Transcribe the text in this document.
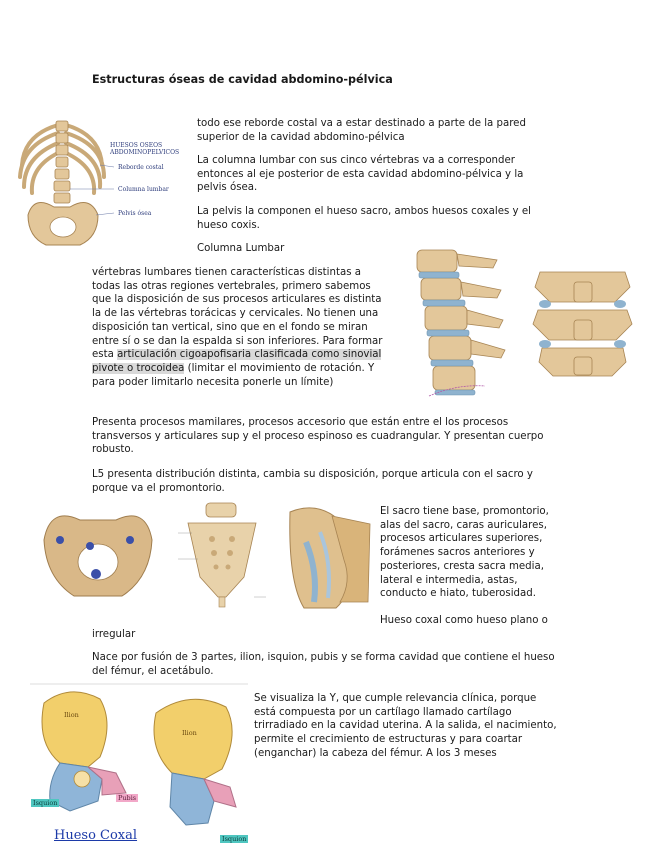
Estructuras óseas de cavidad abdomino-pélvica
HUESOS OSEOS
ABDOMINOPELVICOS
Reborde costal
Columna lumbar
Pelvis ósea
todo ese reborde costal va a estar destinado a parte de la pared superior de la cavidad abdomino-pélvica
La columna lumbar con sus cinco vértebras va a corresponder entonces al eje posterior de esta cavidad abdomino-pélvica y la pelvis ósea.
La pelvis la componen el hueso sacro, ambos huesos coxales y el hueso coxis.
Columna Lumbar
vértebras lumbares tienen características distintas a todas las otras regiones vertebrales, primero sabemos que la disposición de sus procesos articulares es distinta la de las vértebras torácicas y cervicales. No tienen una disposición tan vertical, sino que en el fondo se miran entre sí o se dan la espalda si son inferiores. Para formar esta articulación cigoapofisaria clasificada como sinovial pivote o trocoidea (limitar el movimiento de rotación. Y para poder limitarlo necesita ponerle un límite)
Presenta procesos mamilares, procesos accesorio que están entre el los procesos transversos y articulares sup y el proceso espinoso es cuadrangular. Y presentan cuerpo robusto.
L5 presenta distribución distinta, cambia su disposición, porque articula con el sacro y porque va el promontorio.
El sacro tiene base, promontorio, alas del sacro, caras auriculares, procesos articulares superiores, forámenes sacros anteriores y posteriores, cresta sacra media, lateral e intermedia, astas, conducto e hiato, tuberosidad.
Hueso coxal como hueso plano o
irregular
Nace por fusión de 3 partes, ilion, isquion, pubis y se forma cavidad que contiene el hueso del fémur, el acetábulo.
Ilion
Ilion
Isquion
Pubis
Isquion
Hueso Coxal
Se visualiza la Y, que cumple relevancia clínica, porque está compuesta por un cartílago llamado cartílago trirradiado en la cavidad uterina. A la salida, el nacimiento, permite el crecimiento de estructuras y para coartar (enganchar) la cabeza del fémur. A los 3 meses
